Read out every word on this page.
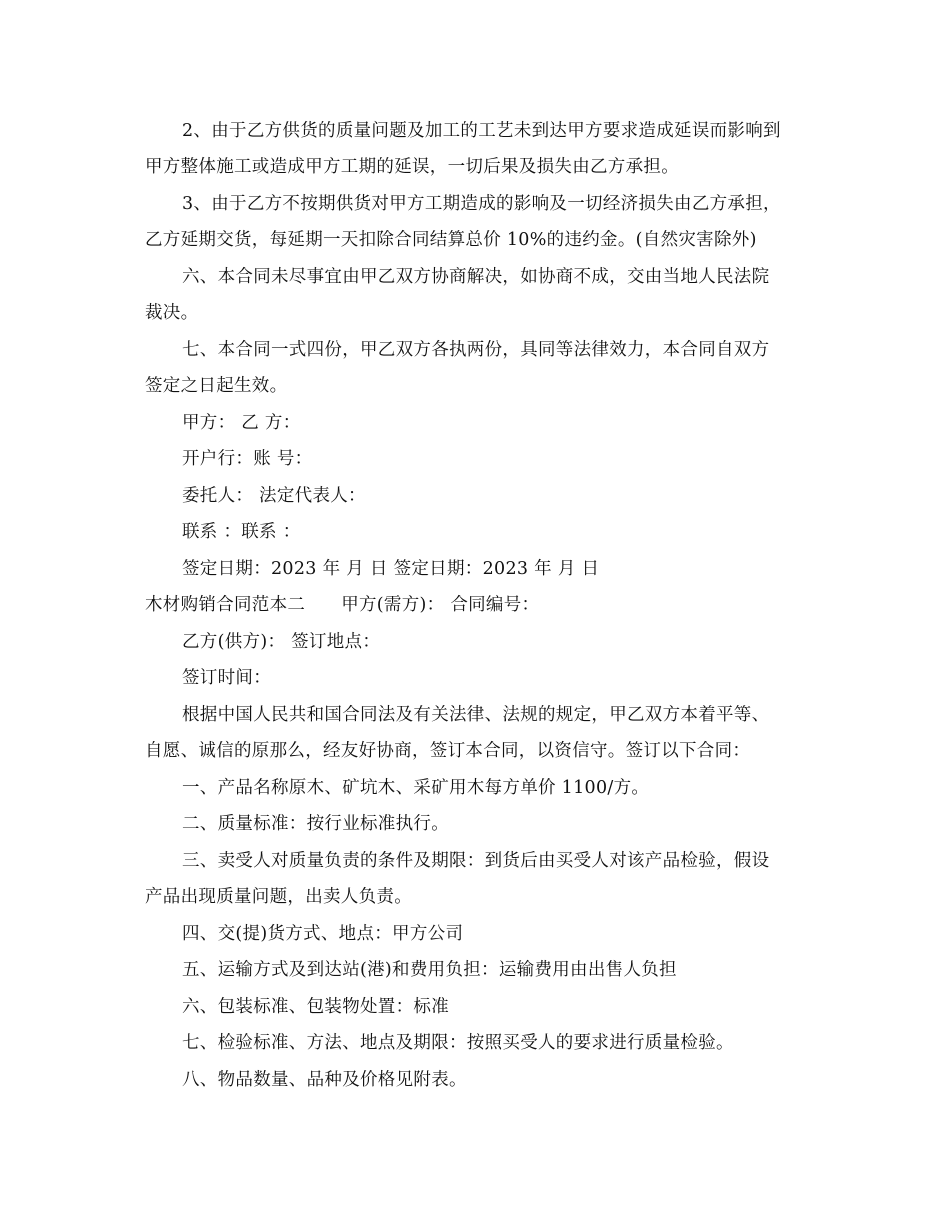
2、由于乙方供货的质量问题及加工的工艺未到达甲方要求造成延误而影响到
甲方整体施工或造成甲方工期的延误，一切后果及损失由乙方承担。
3、由于乙方不按期供货对甲方工期造成的影响及一切经济损失由乙方承担，
乙方延期交货，每延期一天扣除合同结算总价 10%的违约金。(自然灾害除外)
六、本合同未尽事宜由甲乙双方协商解决，如协商不成，交由当地人民法院
裁决。
七、本合同一式四份，甲乙双方各执两份，具同等法律效力，本合同自双方
签定之日起生效。
甲方： 乙 方：
开户行：账 号：
委托人： 法定代表人：
联系 ：联系 ：
签定日期：2023 年 月 日 签定日期：2023 年 月 日
木材购销合同范本二 甲方(需方)： 合同编号：
乙方(供方)： 签订地点：
签订时间：
根据中国人民共和国合同法及有关法律、法规的规定，甲乙双方本着平等、
自愿、诚信的原那么，经友好协商，签订本合同，以资信守。签订以下合同：
一、产品名称原木、矿坑木、采矿用木每方单价 1100/方。
二、质量标准：按行业标准执行。
三、卖受人对质量负责的条件及期限：到货后由买受人对该产品检验，假设
产品出现质量问题，出卖人负责。
四、交(提)货方式、地点：甲方公司
五、运输方式及到达站(港)和费用负担：运输费用由出售人负担
六、包装标准、包装物处置：标准
七、检验标准、方法、地点及期限：按照买受人的要求进行质量检验。
八、物品数量、品种及价格见附表。
